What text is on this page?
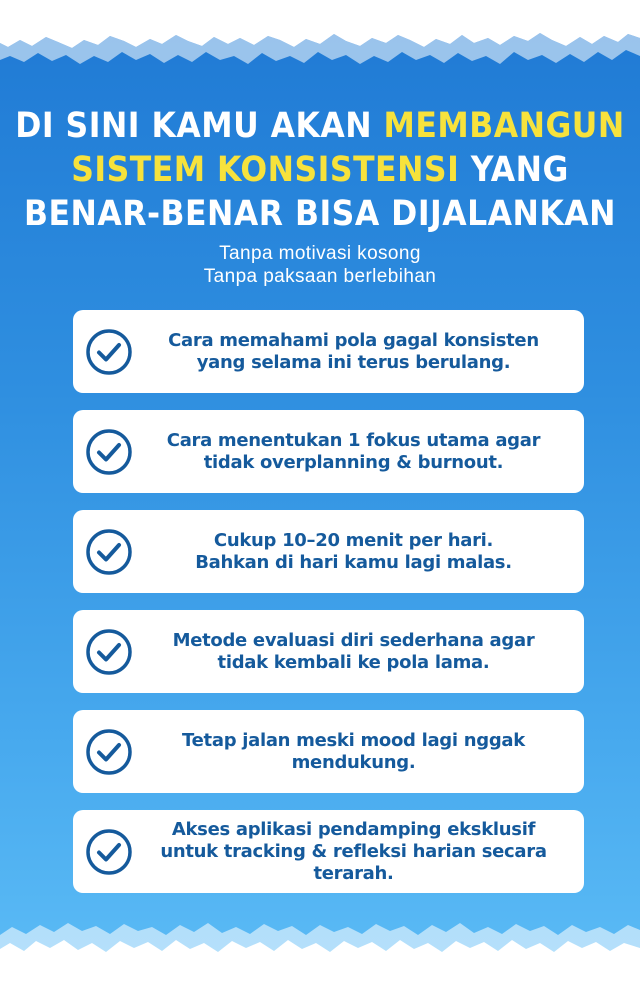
DI SINI KAMU AKAN MEMBANGUN
SISTEM KONSISTENSI YANG
BENAR-BENAR BISA DIJALANKAN
Tanpa motivasi kosong
Tanpa paksaan berlebihan
Cara memahami pola gagal konsisten
yang selama ini terus berulang.
Cara menentukan 1 fokus utama agar
tidak overplanning & burnout.
Cukup 10–20 menit per hari.
Bahkan di hari kamu lagi malas.
Metode evaluasi diri sederhana agar
tidak kembali ke pola lama.
Tetap jalan meski mood lagi nggak
mendukung.
Akses aplikasi pendamping eksklusif
untuk tracking & refleksi harian secara
terarah.
